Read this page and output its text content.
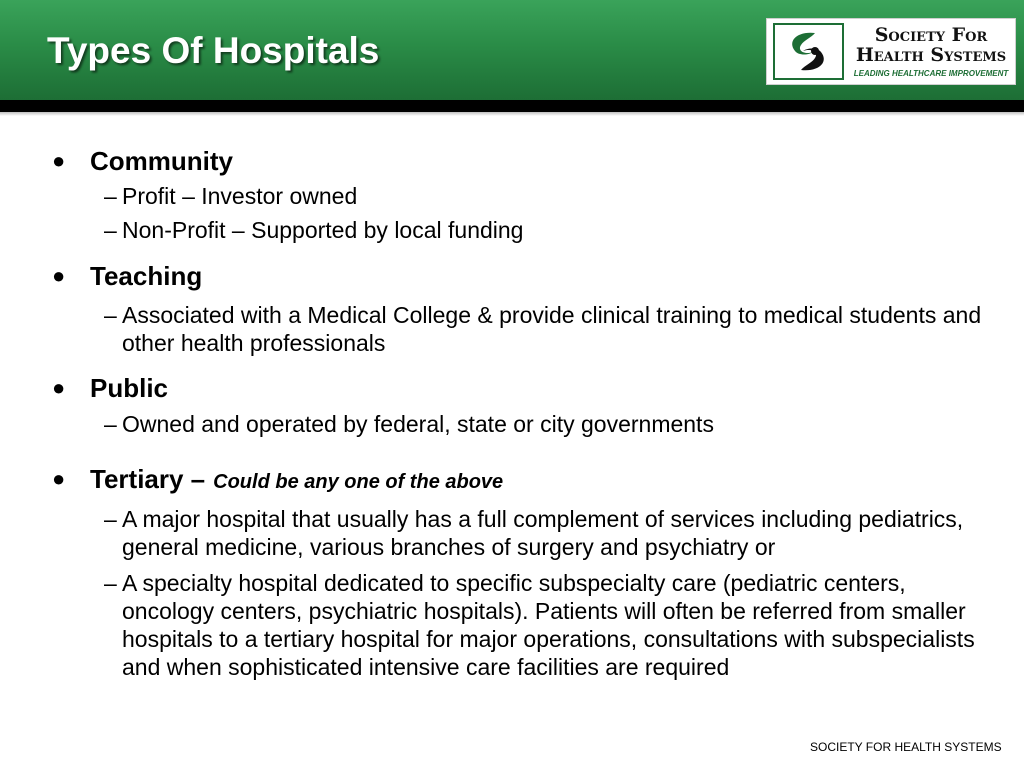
Types Of Hospitals	Society For
Health Systems
LEADING HEALTHCARE IMPROVEMENT
● Community
– Profit – Investor owned
– Non-Profit – Supported by local funding
● Teaching
– Associated with a Medical College & provide clinical training to medical students and other health professionals
● Public
– Owned and operated by federal, state or city governments
● Tertiary – Could be any one of the above
– A major hospital that usually has a full complement of services including pediatrics, general medicine, various branches of surgery and psychiatry or
– A specialty hospital dedicated to specific subspecialty care (pediatric centers, oncology centers, psychiatric hospitals). Patients will often be referred from smaller hospitals to a tertiary hospital for major operations, consultations with subspecialists and when sophisticated intensive care facilities are required
SOCIETY FOR HEALTH SYSTEMS
